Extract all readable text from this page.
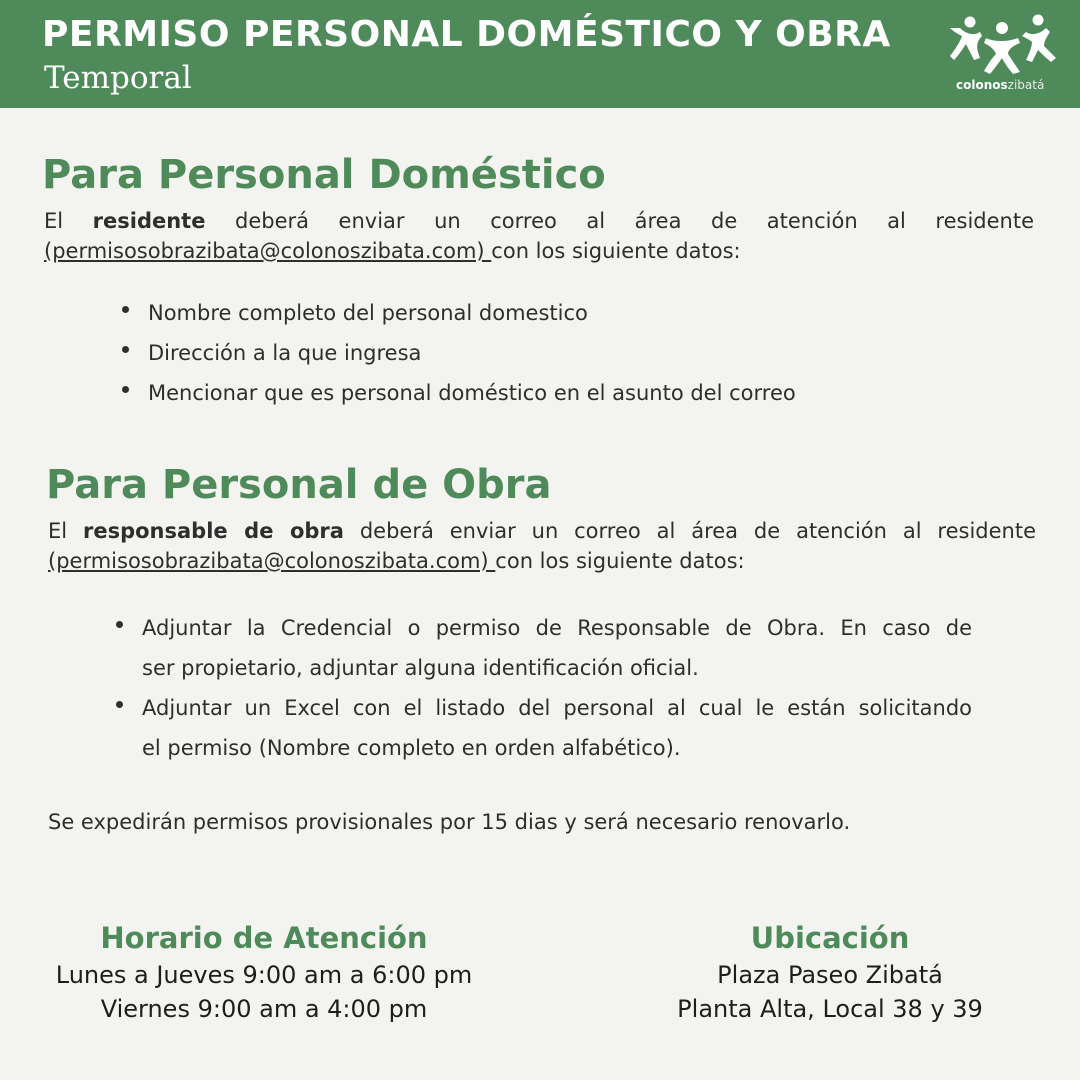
PERMISO PERSONAL DOMÉSTICO Y OBRA
Temporal	colonoszibatá
Para Personal Doméstico
El residente deberá enviar un correo al área de atención al residente
(permisosobrazibata@colonoszibata.com) con los siguiente datos:
Nombre completo del personal domestico
Dirección a la que ingresa
Mencionar que es personal doméstico en el asunto del correo
Para Personal de Obra
El responsable de obra deberá enviar un correo al área de atención al residente
(permisosobrazibata@colonoszibata.com) con los siguiente datos:
Adjuntar la Credencial o permiso de Responsable de Obra. En caso de
ser propietario, adjuntar alguna identificación oficial.
Adjuntar un Excel con el listado del personal al cual le están solicitando
el permiso (Nombre completo en orden alfabético).

Se expedirán permisos provisionales por 15 dias y será necesario renovarlo.

Horario de Atención
Lunes a Jueves 9:00 am a 6:00 pm
Viernes 9:00 am a 4:00 pm
Ubicación
Plaza Paseo Zibatá
Planta Alta, Local 38 y 39
